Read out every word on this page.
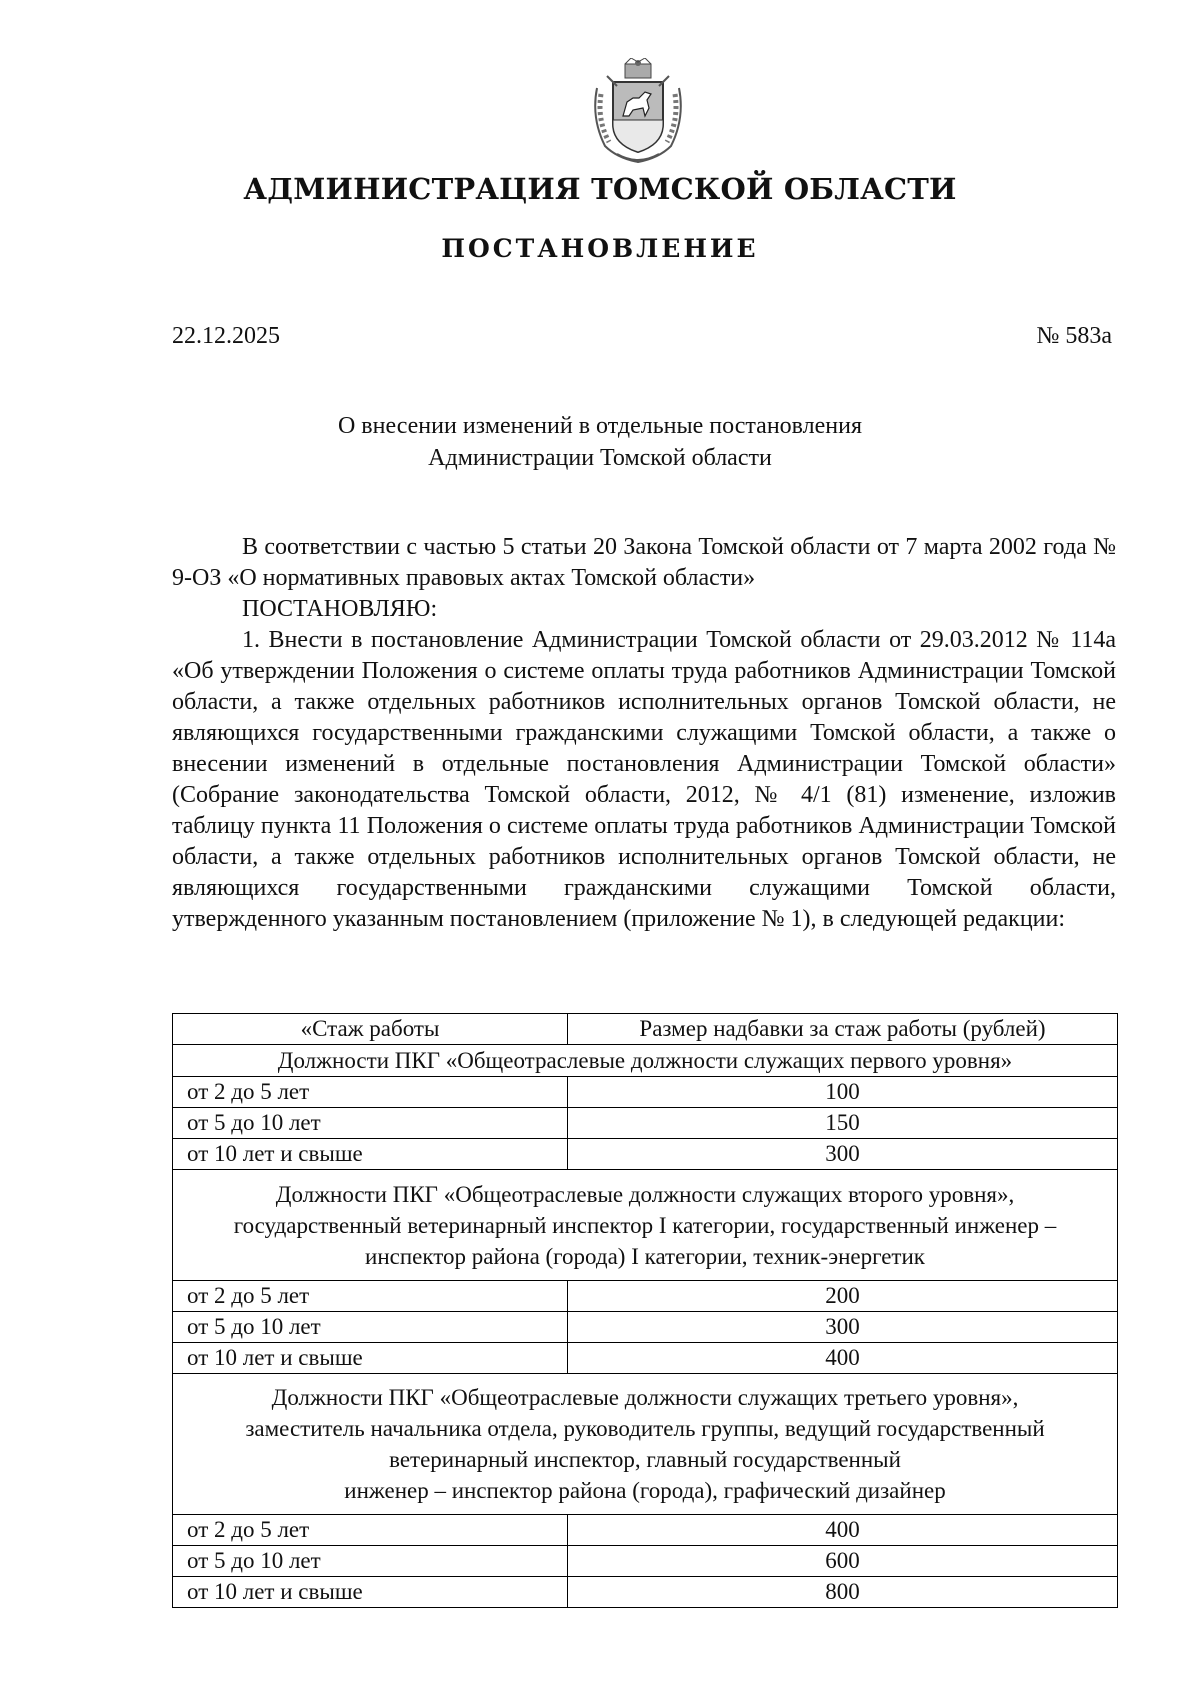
АДМИНИСТРАЦИЯ ТОМСКОЙ ОБЛАСТИ
ПОСТАНОВЛЕНИЕ
22.12.2025	№ 583а
О внесении изменений в отдельные постановления
Администрации Томской области

В соответствии с частью 5 статьи 20 Закона Томской области от 7 марта 2002 года № 9-ОЗ «О нормативных правовых актах Томской области»

ПОСТАНОВЛЯЮ:

1. Внести в постановление Администрации Томской области от 29.03.2012 № 114а «Об утверждении Положения о системе оплаты труда работников Администрации Томской области, а также отдельных работников исполнительных органов Томской области, не являющихся государственными гражданскими служащими Томской области, а также о внесении изменений в отдельные постановления Администрации Томской области» (Собрание законодательства Томской области, 2012, № 4/1 (81) изменение, изложив таблицу пункта 11 Положения о системе оплаты труда работников Администрации Томской области, а также отдельных работников исполнительных органов Томской области, не являющихся государственными гражданскими служащими Томской области, утвержденного указанным постановлением (приложение № 1), в следующей редакции:

«Стаж работы	Размер надбавки за стаж работы (рублей)
Должности ПКГ «Общеотраслевые должности служащих первого уровня»	
от 2 до 5 лет	100
от 5 до 10 лет	150
от 10 лет и свыше	300

Должности ПКГ «Общеотраслевые должности служащих второго уровня»,
государственный ветеринарный инспектор I категории, государственный инженер –
инспектор района (города) I категории, техник-энергетик	

от 2 до 5 лет	200
от 5 до 10 лет	300
от 10 лет и свыше	400

Должности ПКГ «Общеотраслевые должности служащих третьего уровня»,
заместитель начальника отдела, руководитель группы, ведущий государственный
ветеринарный инспектор, главный государственный
инженер – инспектор района (города), графический дизайнер	

от 2 до 5 лет	400
от 5 до 10 лет	600
от 10 лет и свыше	800
